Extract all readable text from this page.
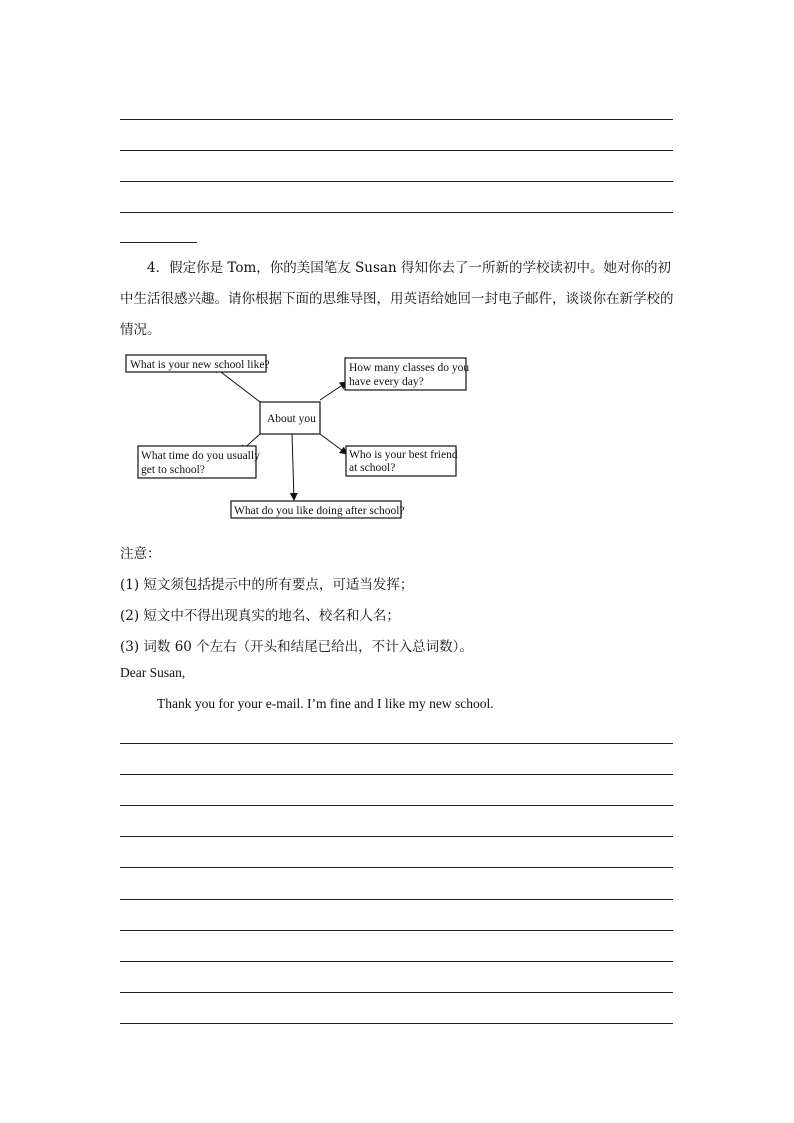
4．假定你是 Tom，你的美国笔友 Susan 得知你去了一所新的学校读初中。她对你的初中生活很感兴趣。请你根据下面的思维导图，用英语给她回一封电子邮件，谈谈你在新学校的情况。

What is your new school like?	How many classes do you
have every day?
About you
What time do you usually
get to school?
Who is your best friend
at school?
What do you like doing after school?
注意：
(1) 短文须包括提示中的所有要点，可适当发挥；
(2) 短文中不得出现真实的地名、校名和人名；
(3) 词数 60 个左右（开头和结尾已给出，不计入总词数）。
Dear Susan,
Thank you for your e-mail. I’m fine and I like my new school.
